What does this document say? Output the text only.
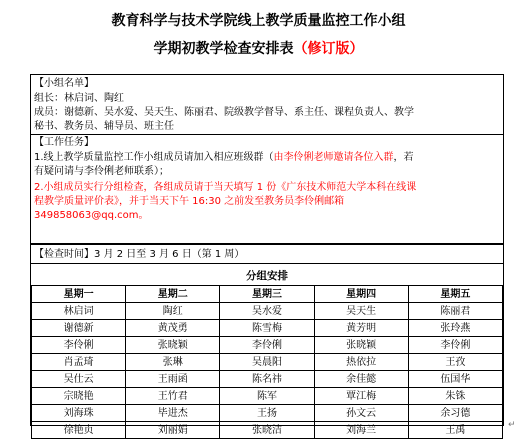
教育科学与技术学院线上教学质量监控工作小组
学期初教学检查安排表（修订版）
【小组名单】
组长：林启词、陶红
成员：谢德新、吴水爱、吴天生、陈丽君、院级教学督导、系主任、课程负责人、教学
秘书、教务员、辅导员、班主任
【工作任务】
1.线上教学质量监控工作小组成员请加入相应班级群（由李伶俐老师邀请各位入群，若
有疑问请与李伶俐老师联系）；
2.小组成员实行分组检查，各组成员请于当天填写 1 份《广东技术师范大学本科在线课
程教学质量评价表》，并于当天下午 16:30 之前发至教务员李伶俐邮箱
349858063@qq.com。
【检查时间】3 月 2 日至 3 月 6 日（第 1 周）
分组安排
星期一	星期二	星期三	星期四	星期五
林启词	陶红	吴水爱	吴天生	陈丽君
谢德新	黄茂勇	陈雪梅	黄芳明	张玲燕
李伶俐	张晓颖	李伶俐	张晓颖	李伶俐
肖孟琦	张琳	吴晨阳	热依拉	王孜
吴仕云	王雨函	陈名祎	余佳懿	伍国华
宗晓艳	王竹君	陈军	覃江梅	朱铢
刘海珠	毕进杰	王扬	孙文云	余习德
徐艳贞	刘丽娟	张晓洁	刘海兰	王禹	↵
